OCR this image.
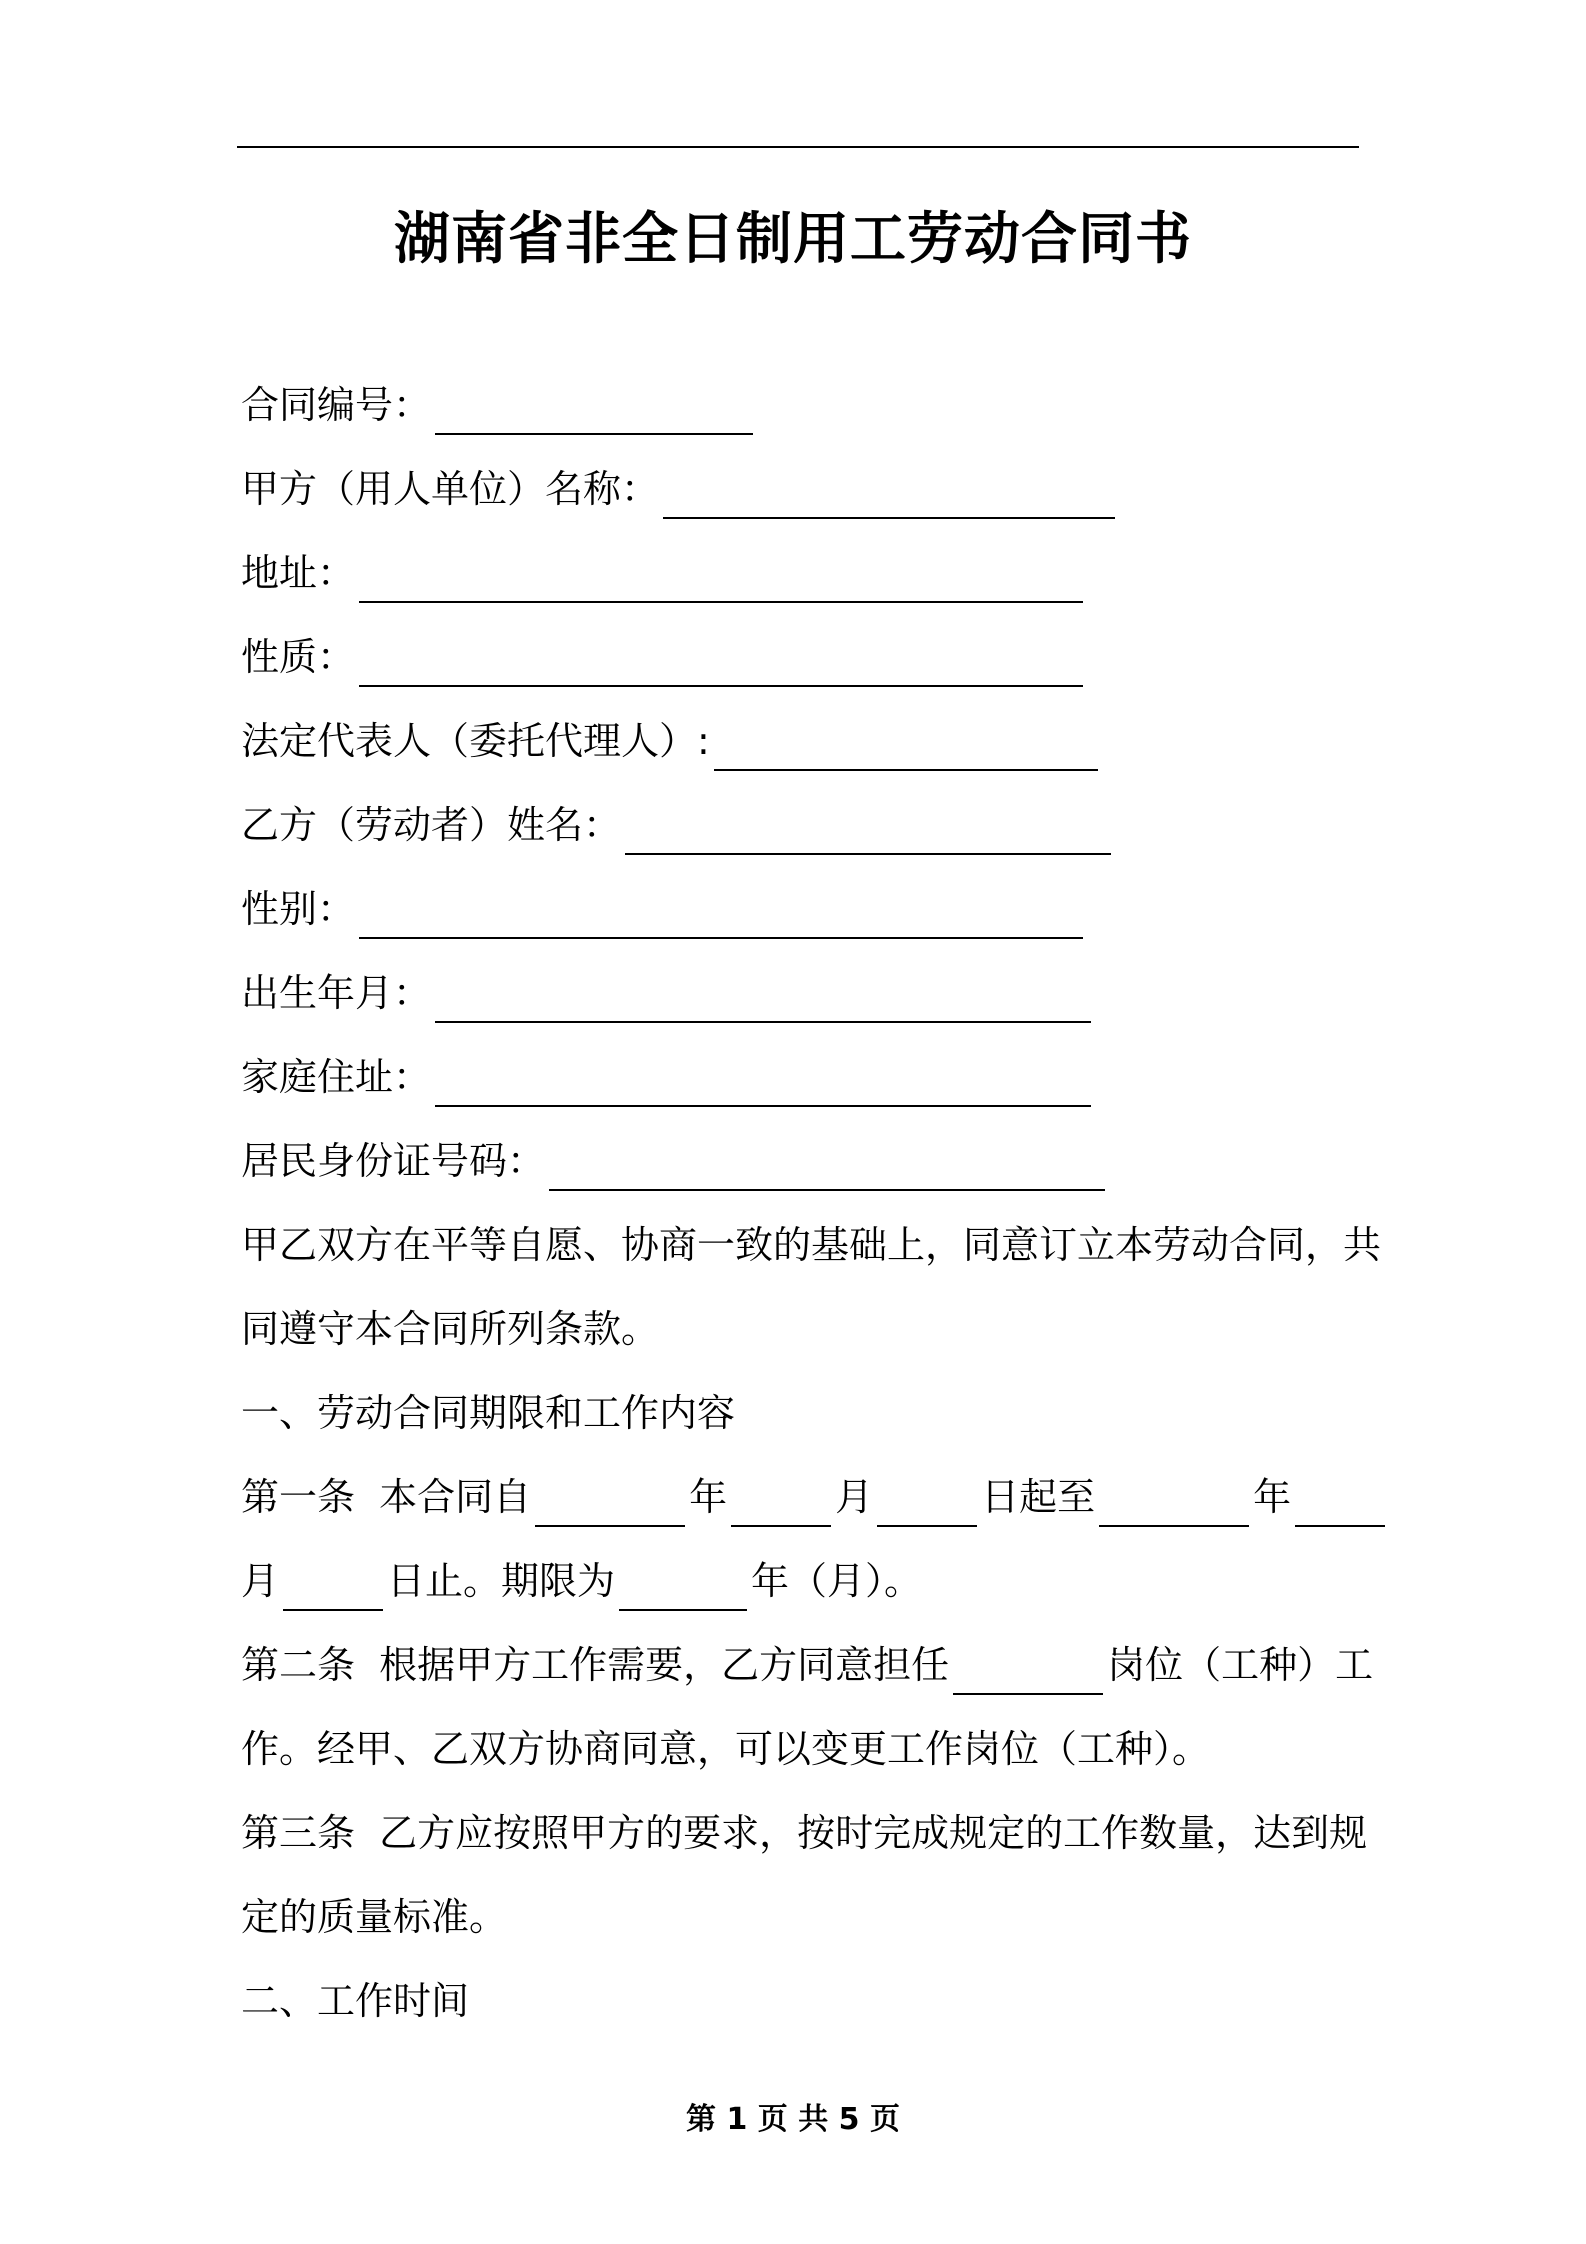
湖南省非全日制用工劳动合同书
合同编号：
甲方（用人单位）名称：
地址：
性质：
法定代表人（委托代理人）:
乙方（劳动者）姓名：
性别：
出生年月：
家庭住址：
居民身份证号码：
甲乙双方在平等自愿、协商一致的基础上，同意订立本劳动合同，共
同遵守本合同所列条款。
一、劳动合同期限和工作内容
第一条 本合同自	年	月	日起至	年
月	日止。期限为	年（月）。
第二条 根据甲方工作需要，乙方同意担任	岗位（工种）工
作。经甲、乙双方协商同意，可以变更工作岗位（工种）。
第三条 乙方应按照甲方的要求，按时完成规定的工作数量，达到规
定的质量标准。
二、工作时间
第 1 页 共 5 页
